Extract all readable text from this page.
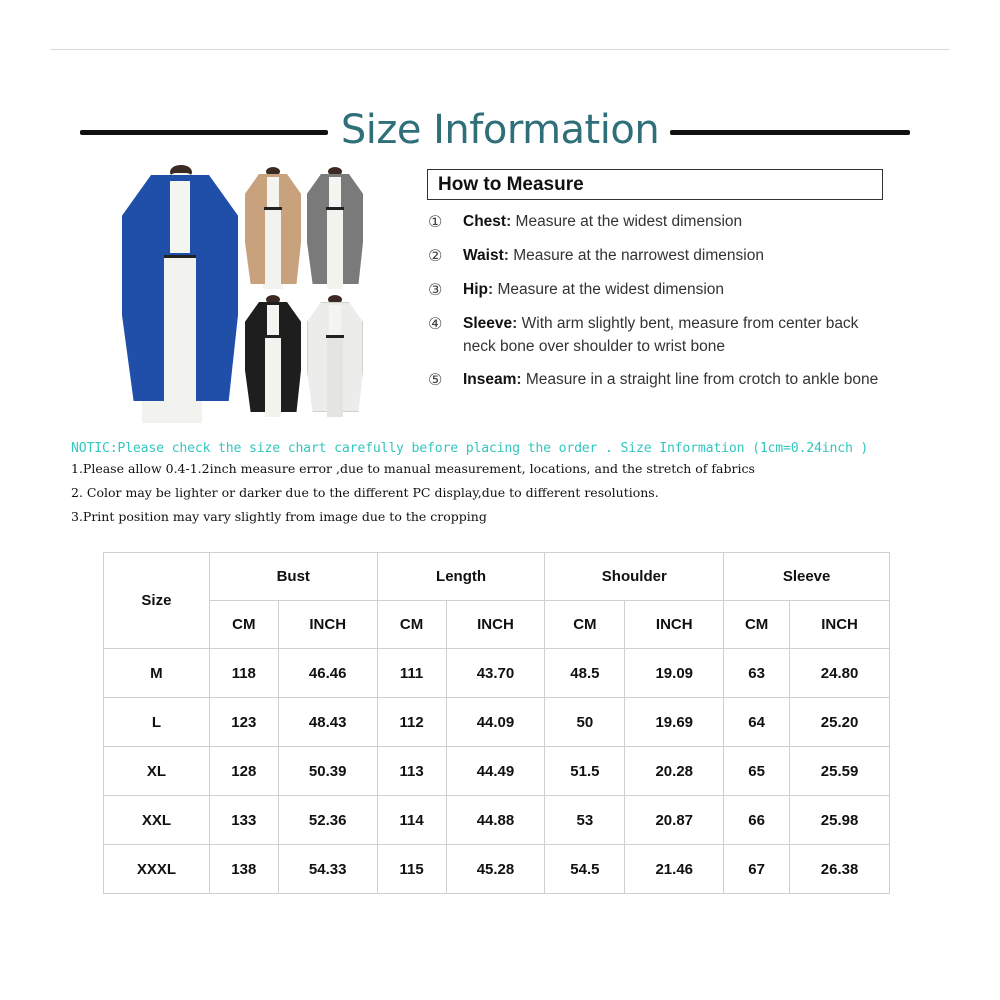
Size Information
How to Measure
①	Chest: Measure at the widest dimension
②	Waist: Measure at the narrowest dimension
③	Hip: Measure at the widest dimension
④	Sleeve: With arm slightly bent, measure from center back neck bone over shoulder to wrist bone
⑤	Inseam: Measure in a straight line from crotch to ankle bone
NOTIC:Please check the size chart carefully before placing the order . Size Information (1cm=0.24inch )
1.Please allow 0.4-1.2inch measure error ,due to manual measurement, locations, and the stretch of fabrics
2. Color may be lighter or darker due to the different PC display,due to different resolutions.
3.Print position may vary slightly from image due to the cropping
Size	Bust		Length		Shoulder		Sleeve	
	CM	INCH	CM	INCH	CM	INCH	CM	INCH
M	118	46.46	111	43.70	48.5	19.09	63	24.80
L	123	48.43	112	44.09	50	19.69	64	25.20
XL	128	50.39	113	44.49	51.5	20.28	65	25.59
XXL	133	52.36	114	44.88	53	20.87	66	25.98
XXXL	138	54.33	115	45.28	54.5	21.46	67	26.38
